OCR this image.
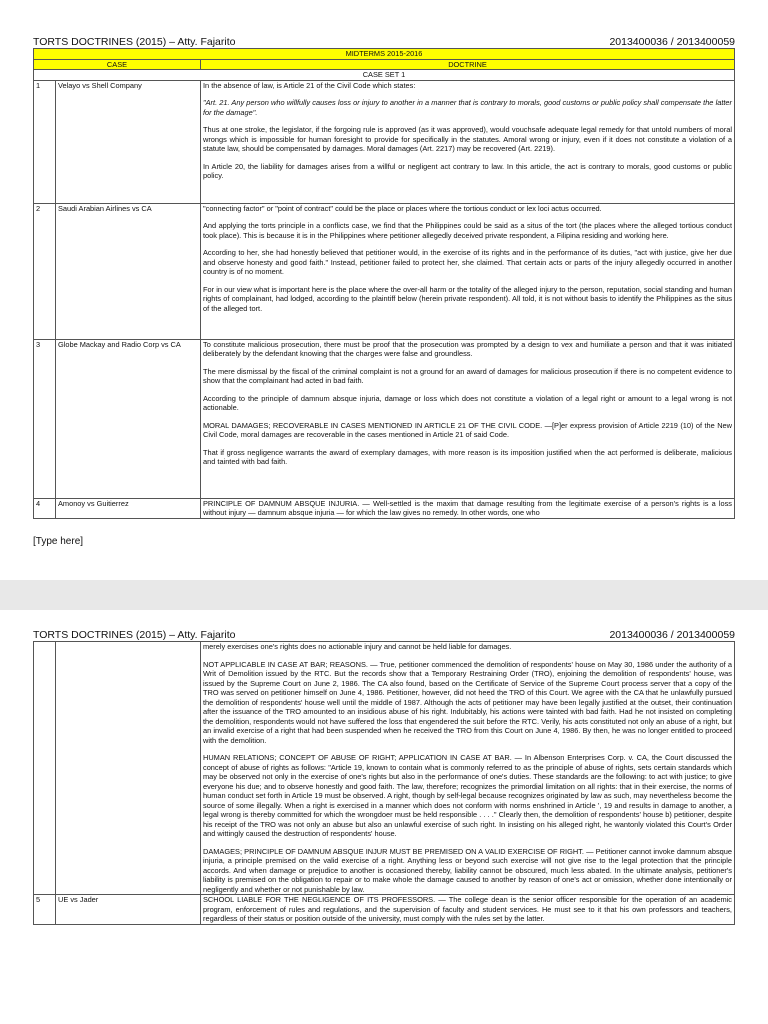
TORTS DOCTRINES (2015) – Atty. Fajarito	2013400036 / 2013400059
MIDTERMS 2015-2016		
CASE		DOCTRINE
CASE SET 1		
1	Velayo vs Shell Company	In the absence of law, is Article 21 of the Civil Code which states:

"Art. 21. Any person who willfully causes loss or injury to another in a manner that is contrary to morals, good customs or public policy shall compensate the latter for the damage".

Thus at one stroke, the legislator, if the forgoing rule is approved (as it was approved), would vouchsafe adequate legal remedy for that untold numbers of moral wrongs which is impossible for human foresight to provide for specifically in the statutes. Amoral wrong or injury, even if it does not constitute a violation of a statute law, should be compensated by damages. Moral damages (Art. 2217) may be recovered (Art. 2219).

In Article 20, the liability for damages arises from a willful or negligent act contrary to law. In this article, the act is contrary to morals, good customs or public policy.

2	Saudi Arabian Airlines vs CA	"connecting factor" or "point of contract" could be the place or places where the tortious conduct or lex loci actus occurred.

And applying the torts principle in a conflicts case, we find that the Philippines could be said as a situs of the tort (the places where the alleged tortious conduct took place). This is because it is in the Philippines where petitioner allegedly deceived private respondent, a Filipina residing and working here.

According to her, she had honestly believed that petitioner would, in the exercise of its rights and in the performance of its duties, "act with justice, give her due and observe honesty and good faith." Instead, petitioner failed to protect her, she claimed. That certain acts or parts of the injury allegedly occurred in another country is of no moment.

For in our view what is important here is the place where the over-all harm or the totality of the alleged injury to the person, reputation, social standing and human rights of complainant, had lodged, according to the plaintiff below (herein private respondent). All told, it is not without basis to identify the Philippines as the situs of the alleged tort.

3	Globe Mackay and Radio Corp vs CA	To constitute malicious prosecution, there must be proof that the prosecution was prompted by a design to vex and humiliate a person and that it was initiated deliberately by the defendant knowing that the charges were false and groundless.

The mere dismissal by the fiscal of the criminal complaint is not a ground for an award of damages for malicious prosecution if there is no competent evidence to show that the complainant had acted in bad faith.

According to the principle of damnum absque injuria, damage or loss which does not constitute a violation of a legal right or amount to a legal wrong is not actionable.

MORAL DAMAGES; RECOVERABLE IN CASES MENTIONED IN ARTICLE 21 OF THE CIVIL CODE. —[P]er express provision of Article 2219 (10) of the New Civil Code, moral damages are recoverable in the cases mentioned in Article 21 of said Code.

That if gross negligence warrants the award of exemplary damages, with more reason is its imposition justified when the act performed is deliberate, malicious and tainted with bad faith.

4	Amonoy vs Guitierrez	PRINCIPLE OF DAMNUM ABSQUE INJURIA. — Well-settled is the maxim that damage resulting from the legitimate exercise of a person's rights is a loss without injury — damnum absque injuria — for which the law gives no remedy. In other words, one who

[Type here]
TORTS DOCTRINES (2015) – Atty. Fajarito	2013400036 / 2013400059

		merely exercises one's rights does no actionable injury and cannot be held liable for damages.

NOT APPLICABLE IN CASE AT BAR; REASONS. — True, petitioner commenced the demolition of respondents' house on May 30, 1986 under the authority of a Writ of Demolition issued by the RTC. But the records show that a Temporary Restraining Order (TRO), enjoining the demolition of respondents' house, was issued by the Supreme Court on June 2, 1986. The CA also found, based on the Certificate of Service of the Supreme Court process server that a copy of the TRO was served on petitioner himself on June 4, 1986. Petitioner, however, did not heed the TRO of this Court. We agree with the CA that he unlawfully pursued the demolition of respondents' house well until the middle of 1987. Although the acts of petitioner may have been legally justified at the outset, their continuation after the issuance of the TRO amounted to an insidious abuse of his right. Indubitably, his actions were tainted with bad faith. Had he not insisted on completing the demolition, respondents would not have suffered the loss that engendered the suit before the RTC. Verily, his acts constituted not only an abuse of a right, but an invalid exercise of a right that had been suspended when he received the TRO from this Court on June 4, 1986. By then, he was no longer entitled to proceed with the demolition.

HUMAN RELATIONS; CONCEPT OF ABUSE OF RIGHT; APPLICATION IN CASE AT BAR. — In Albenson Enterprises Corp. v. CA, the Court discussed the concept of abuse of rights as follows: "Article 19, known to contain what is commonly referred to as the principle of abuse of rights, sets certain standards which may be observed not only in the exercise of one's rights but also in the performance of one's duties. These standards are the following: to act with justice; to give everyone his due; and to observe honestly and good faith. The law, therefore; recognizes the primordial limitation on all rights: that in their exercise, the norms of human conduct set forth in Article 19 must be observed. A right, though by self-legal because recognizes originated by law as such, may nevertheless become the source of some illegally. When a right is exercised in a manner which does not conform with norms enshrined in Article ', 19 and results in damage to another, a legal wrong is thereby committed for which the wrongdoer must be held responsible . . . ." Clearly then, the demolition of respondents' house b) petitioner, despite his receipt of the TRO was not only an abuse but also an unlawful exercise of such right. In insisting on his alleged right, he wantonly violated this Court's Order and wittingly caused the destruction of respondents' house.

DAMAGES; PRINCIPLE OF DAMNUM ABSQUE INJUR MUST BE PREMISED ON A VALID EXERCISE OF RIGHT. — Petitioner cannot invoke damnum absque injuria, a principle premised on the valid exercise of a right. Anything less or beyond such exercise will not give rise to the legal protection that the principle accords. And when damage or prejudice to another is occasioned thereby, liability cannot be obscured, much less abated. In the ultimate analysis, petitioner's liability is premised on the obligation to repair or to make whole the damage caused to another by reason of one's act or omission, whether done intentionally or negligently and whether or not punishable by law.

5	UE vs Jader	SCHOOL LIABLE FOR THE NEGLIGENCE OF ITS PROFESSORS. — The college dean is the senior officer responsible for the operation of an academic program, enforcement of rules and regulations, and the supervision of faculty and student services. He must see to it that his own professors and teachers, regardless of their status or position outside of the university, must comply with the rules set by the latter.
